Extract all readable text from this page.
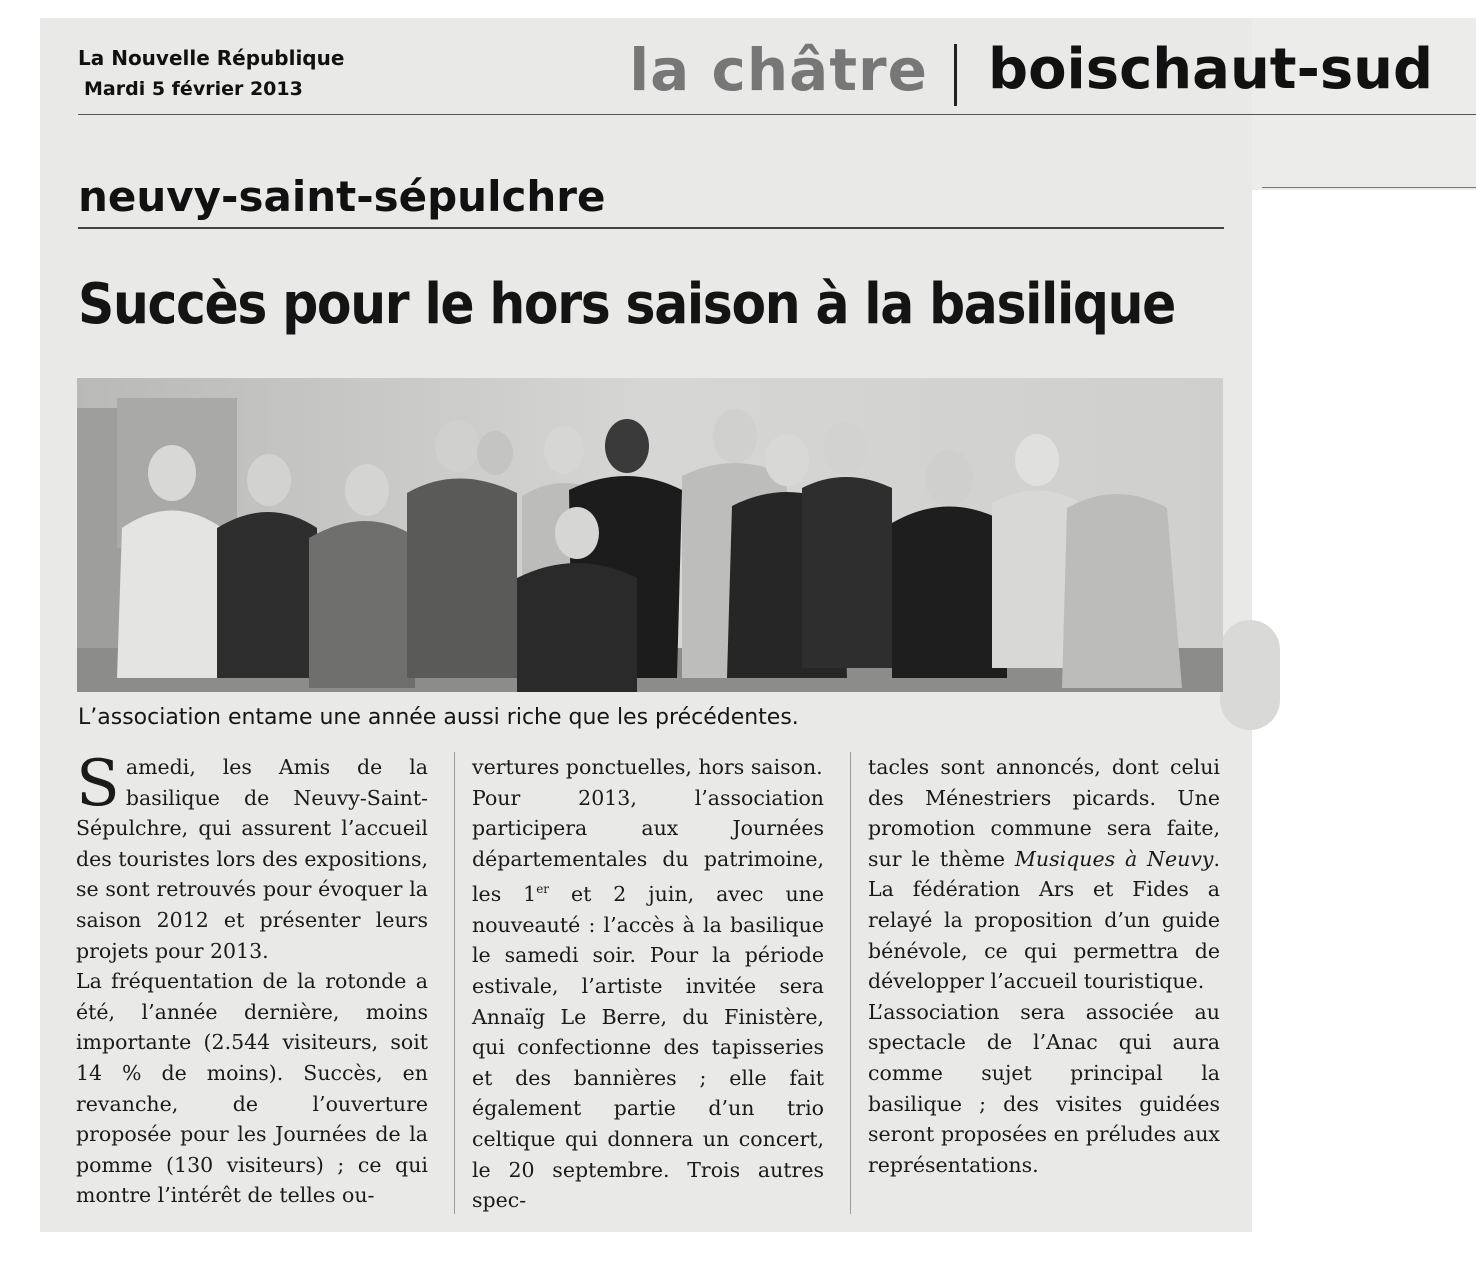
La Nouvelle République
Mardi 5 février 2013	la châtre boischaut-sud
neuvy-saint-sépulchre
Succès pour le hors saison à la basilique
L’association entame une année aussi riche que les précédentes.

Samedi, les Amis de la basilique de Neuvy-Saint-Sépulchre, qui assurent l’accueil des touristes lors des expositions, se sont retrouvés pour évoquer la saison 2012 et présenter leurs projets pour 2013.

La fréquentation de la rotonde a été, l’année dernière, moins importante (2.544 visiteurs, soit 14 % de moins). Succès, en revanche, de l’ouverture proposée pour les Journées de la pomme (130 visiteurs) ; ce qui montre l’intérêt de telles ou-

vertures ponctuelles, hors saison.

Pour 2013, l’association participera aux Journées départementales du patrimoine, les 1er et 2 juin, avec une nouveauté : l’accès à la basilique le samedi soir. Pour la période estivale, l’artiste invitée sera Annaïg Le Berre, du Finistère, qui confectionne des tapisseries et des bannières ; elle fait également partie d’un trio celtique qui donnera un concert, le 20 septembre. Trois autres spec-

tacles sont annoncés, dont celui des Ménestriers picards. Une promotion commune sera faite, sur le thème Musiques à Neuvy. La fédération Ars et Fides a relayé la proposition d’un guide bénévole, ce qui permettra de développer l’accueil touristique.

L’association sera associée au spectacle de l’Anac qui aura comme sujet principal la basilique ; des visites guidées seront proposées en préludes aux représentations.
